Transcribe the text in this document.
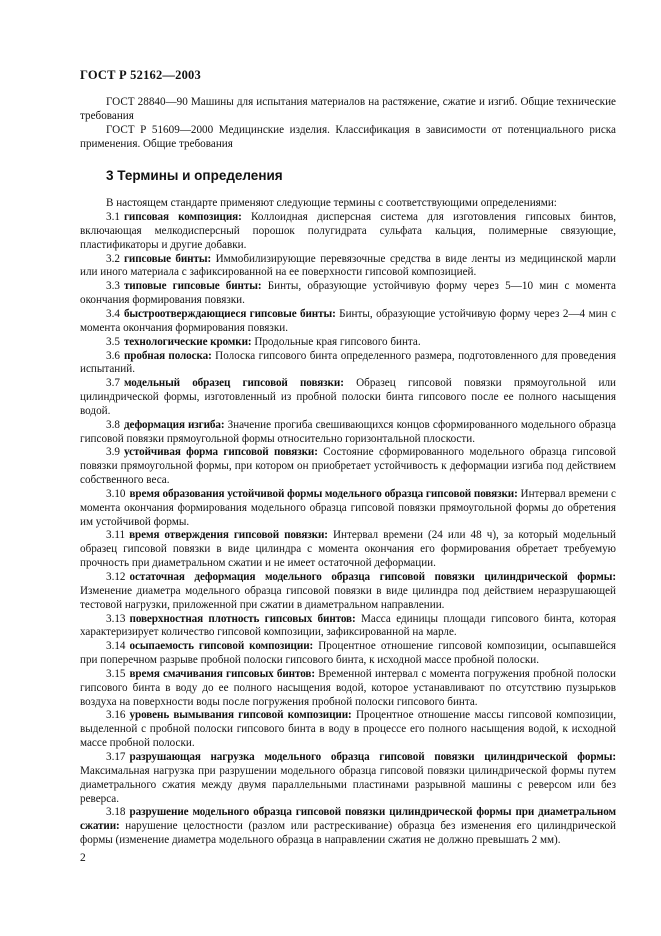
ГОСТ Р 52162—2003

ГОСТ 28840—90 Машины для испытания материалов на растяжение, сжатие и изгиб. Общие технические требования

ГОСТ Р 51609—2000 Медицинские изделия. Классификация в зависимости от потенциального риска применения. Общие требования

3 Термины и определения

В настоящем стандарте применяют следующие термины с соответствующими определениями:

3.1 гипсовая композиция: Коллоидная дисперсная система для изготовления гипсовых бинтов, включающая мелкодисперсный порошок полугидрата сульфата кальция, полимерные связующие, пластификаторы и другие добавки.

3.2 гипсовые бинты: Иммобилизирующие перевязочные средства в виде ленты из медицинской марли или иного материала с зафиксированной на ее поверхности гипсовой композицией.

3.3 типовые гипсовые бинты: Бинты, образующие устойчивую форму через 5—10 мин с момента окончания формирования повязки.

3.4 быстроотверждающиеся гипсовые бинты: Бинты, образующие устойчивую форму через 2—4 мин с момента окончания формирования повязки.

3.5 технологические кромки: Продольные края гипсового бинта.

3.6 пробная полоска: Полоска гипсового бинта определенного размера, подготовленного для проведения испытаний.

3.7 модельный образец гипсовой повязки: Образец гипсовой повязки прямоугольной или цилиндрической формы, изготовленный из пробной полоски бинта гипсового после ее полного насыщения водой.

3.8 деформация изгиба: Значение прогиба свешивающихся концов сформированного модельного образца гипсовой повязки прямоугольной формы относительно горизонтальной плоскости.

3.9 устойчивая форма гипсовой повязки: Состояние сформированного модельного образца гипсовой повязки прямоугольной формы, при котором он приобретает устойчивость к деформации изгиба под действием собственного веса.

3.10 время образования устойчивой формы модельного образца гипсовой повязки: Интервал времени с момента окончания формирования модельного образца гипсовой повязки прямоугольной формы до обретения им устойчивой формы.

3.11 время отверждения гипсовой повязки: Интервал времени (24 или 48 ч), за который модельный образец гипсовой повязки в виде цилиндра с момента окончания его формирования обретает требуемую прочность при диаметральном сжатии и не имеет остаточной деформации.

3.12 остаточная деформация модельного образца гипсовой повязки цилиндрической формы: Изменение диаметра модельного образца гипсовой повязки в виде цилиндра под действием неразрушающей тестовой нагрузки, приложенной при сжатии в диаметральном направлении.

3.13 поверхностная плотность гипсовых бинтов: Масса единицы площади гипсового бинта, которая характеризирует количество гипсовой композиции, зафиксированной на марле.

3.14 осыпаемость гипсовой композиции: Процентное отношение гипсовой композиции, осыпавшейся при поперечном разрыве пробной полоски гипсового бинта, к исходной массе пробной полоски.

3.15 время смачивания гипсовых бинтов: Временной интервал с момента погружения пробной полоски гипсового бинта в воду до ее полного насыщения водой, которое устанавливают по отсутствию пузырьков воздуха на поверхности воды после погружения пробной полоски гипсового бинта.

3.16 уровень вымывания гипсовой композиции: Процентное отношение массы гипсовой композиции, выделенной с пробной полоски гипсового бинта в воду в процессе его полного насыщения водой, к исходной массе пробной полоски.

3.17 разрушающая нагрузка модельного образца гипсовой повязки цилиндрической формы: Максимальная нагрузка при разрушении модельного образца гипсовой повязки цилиндрической формы путем диаметрального сжатия между двумя параллельными пластинами разрывной машины с реверсом или без реверса.

3.18 разрушение модельного образца гипсовой повязки цилиндрической формы при диаметральном сжатии: нарушение целостности (разлом или растрескивание) образца без изменения его цилиндрической формы (изменение диаметра модельного образца в направлении сжатия не должно превышать 2 мм).

2
